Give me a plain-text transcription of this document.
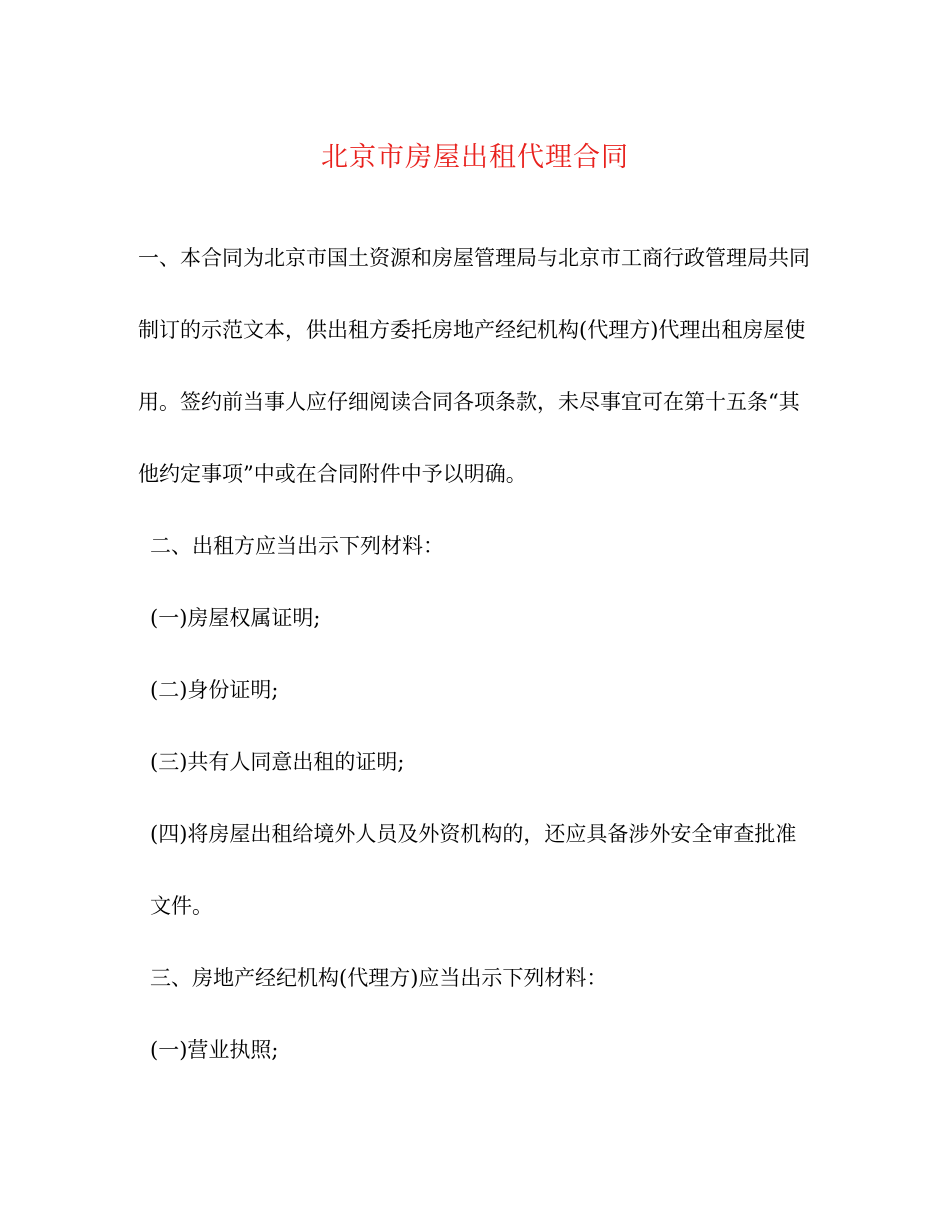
北京市房屋出租代理合同

一、本合同为北京市国土资源和房屋管理局与北京市工商行政管理局共同制订的示范文本，供出租方委托房地产经纪机构(代理方)代理出租房屋使用。签约前当事人应仔细阅读合同各项条款，未尽事宜可在第十五条“其他约定事项”中或在合同附件中予以明确。

二、出租方应当出示下列材料：

(一)房屋权属证明;

(二)身份证明;

(三)共有人同意出租的证明;

(四)将房屋出租给境外人员及外资机构的，还应具备涉外安全审查批准文件。

三、房地产经纪机构(代理方)应当出示下列材料：

(一)营业执照;
